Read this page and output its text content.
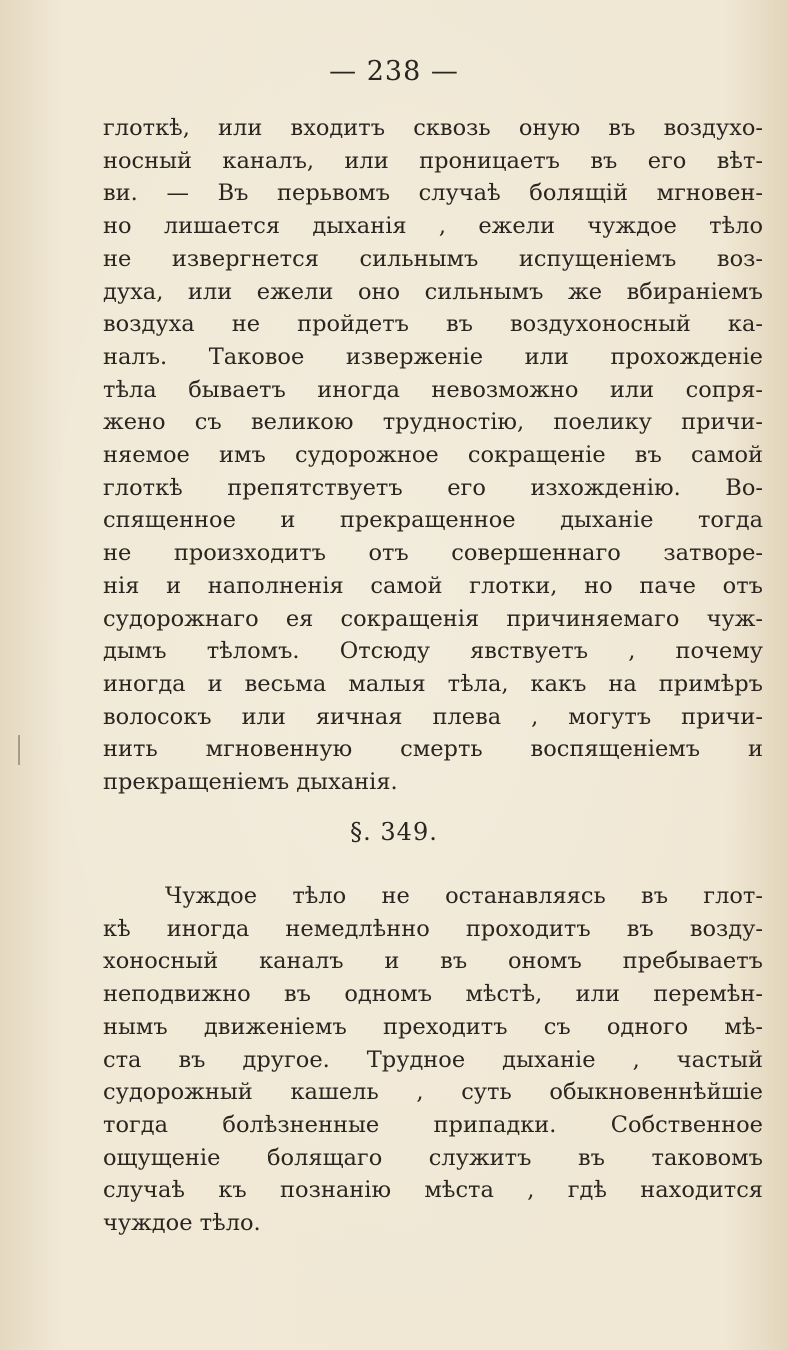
— 238 —
глоткѣ, или входитъ сквозь оную въ воздухо-
носный каналъ, или проницаетъ въ его вѣт-
ви. — Въ перьвомъ случаѣ болящій мгновен-
но лишается дыханія , ежели чуждое тѣло
не извергнется сильнымъ испущеніемъ воз-
духа, или ежели оно сильнымъ же вбираніемъ
воздуха не пройдетъ въ воздухоносный ка-
налъ. Таковое изверженіе или прохожденіе
тѣла бываетъ иногда невозможно или сопря-
жено съ великою трудностію, поелику причи-
няемое имъ судорожное сокращеніе въ самой
глоткѣ препятствуетъ его изхожденію. Во-
спященное и прекращенное дыханіе тогда
не произходитъ отъ совершеннаго затворе-
нія и наполненія самой глотки, но паче отъ
судорожнаго ея сокращенія причиняемаго чуж-
дымъ тѣломъ. Отсюду явствуетъ , почему
иногда и весьма малыя тѣла, какъ на примѣръ
волосокъ или яичная плева , могутъ причи-
нить мгновенную смерть воспященіемъ и
прекращеніемъ дыханія.
§. 349.
Чуждое тѣло не останавляясь въ глот-
кѣ иногда немедлѣнно проходитъ въ возду-
хоносный каналъ и въ ономъ пребываетъ
неподвижно въ одномъ мѣстѣ, или перемѣн-
нымъ движеніемъ преходитъ съ одного мѣ-
ста въ другое. Трудное дыханіе , частый
судорожный кашель , суть обыкновеннѣйшіе
тогда болѣзненные припадки. Собственное
ощущеніе болящаго служитъ въ таковомъ
случаѣ къ познанію мѣста , гдѣ находится
чуждое тѣло.
